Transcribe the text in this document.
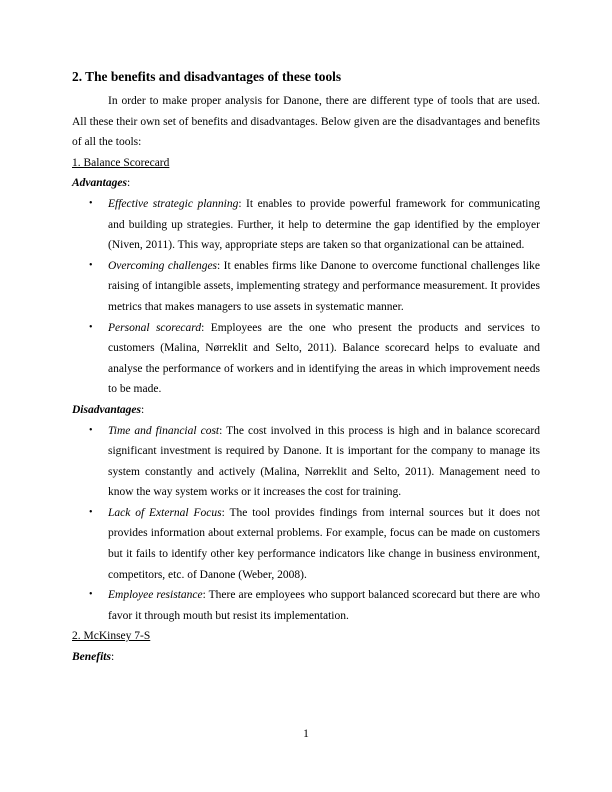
2. The benefits and disadvantages of these tools

In order to make proper analysis for Danone, there are different type of tools that are used. All these their own set of benefits and disadvantages. Below given are the disadvantages and benefits of all the tools:

1. Balance Scorecard

Advantages:

• Effective strategic planning: It enables to provide powerful framework for communicating and building up strategies. Further, it help to determine the gap identified by the employer (Niven, 2011). This way, appropriate steps are taken so that organizational can be attained.
• Overcoming challenges: It enables firms like Danone to overcome functional challenges like raising of intangible assets, implementing strategy and performance measurement. It provides metrics that makes managers to use assets in systematic manner.
• Personal scorecard: Employees are the one who present the products and services to customers (Malina, Nørreklit and Selto, 2011). Balance scorecard helps to evaluate and analyse the performance of workers and in identifying the areas in which improvement needs to be made.

Disadvantages:

• Time and financial cost: The cost involved in this process is high and in balance scorecard significant investment is required by Danone. It is important for the company to manage its system constantly and actively (Malina, Nørreklit and Selto, 2011). Management need to know the way system works or it increases the cost for training.
• Lack of External Focus: The tool provides findings from internal sources but it does not provides information about external problems. For example, focus can be made on customers but it fails to identify other key performance indicators like change in business environment, competitors, etc. of Danone (Weber, 2008).
• Employee resistance: There are employees who support balanced scorecard but there are who favor it through mouth but resist its implementation.

2. McKinsey 7-S

Benefits:

1
